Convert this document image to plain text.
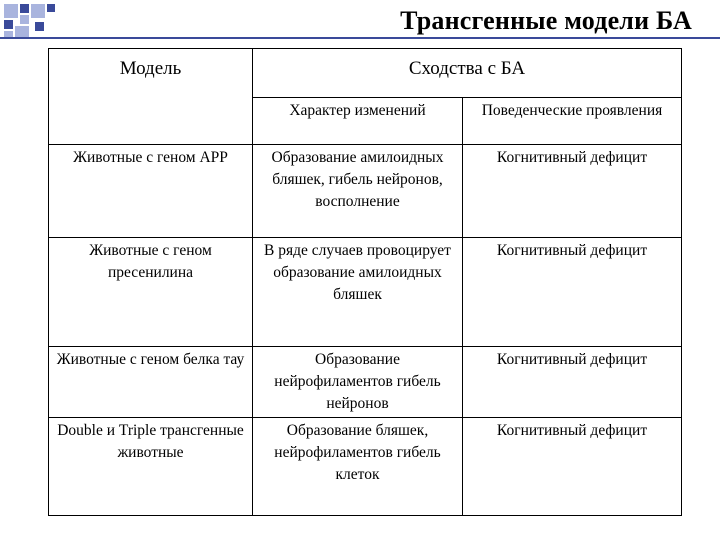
Трансгенные модели БА
Модель	Сходства с БА	
	Характер изменений	Поведенческие проявления
Животные с геном APP	Образование амилоидных бляшек, гибель нейронов, восполнение	Когнитивный дефицит
Животные с геном пресенилина	В ряде случаев провоцирует образование амилоидных бляшек	Когнитивный дефицит
Животные с геном белка тау	Образование нейрофиламентов гибель нейронов	Когнитивный дефицит
Double и Triple трансгенные животные	Образование бляшек, нейрофиламентов гибель клеток	Когнитивный дефицит
